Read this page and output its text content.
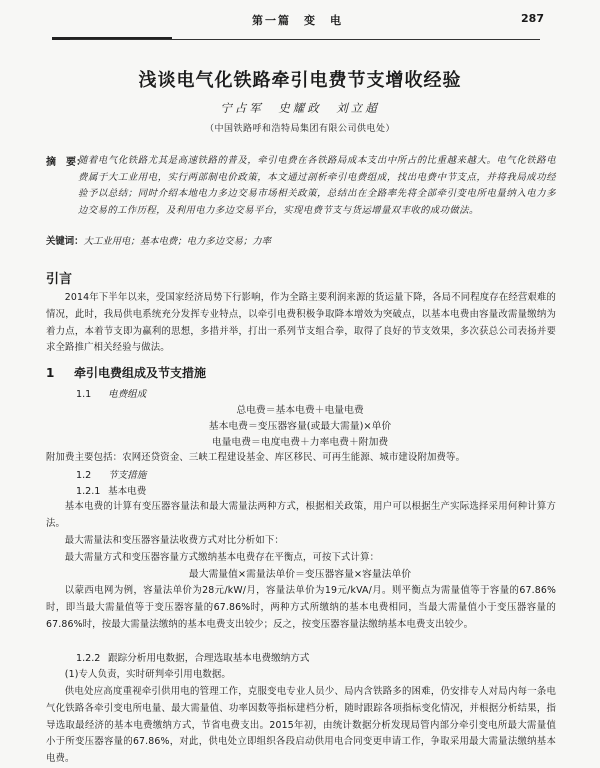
第一篇　变　电	287
浅谈电气化铁路牵引电费节支增收经验
宁占军　史耀政　刘立超
（中国铁路呼和浩特局集团有限公司供电处）
摘　要：
随着电气化铁路尤其是高速铁路的普及，牵引电费在各铁路局成本支出中所占的比重越来越大。电气化铁路电费属于大工业用电，实行两部制电价政策，本文通过剖析牵引电费组成，找出电费中节支点，并将我局成功经验予以总结；同时介绍本地电力多边交易市场相关政策，总结出在全路率先将全部牵引变电所电量纳入电力多边交易的工作历程，及利用电力多边交易平台，实现电费节支与货运增量双丰收的成功做法。
关键词：大工业用电；基本电费；电力多边交易；力率
引言
2014年下半年以来，受国家经济局势下行影响，作为全路主要利润来源的货运量下降，各局不同程度存在经营艰难的情况，此时，我局供电系统充分发挥专业特点，以牵引电费积极争取降本增效为突破点，以基本电费由容量改需量缴纳为着力点，本着节支即为赢利的思想，多措并举，打出一系列节支组合拳，取得了良好的节支效果，多次获总公司表扬并要求全路推广相关经验与做法。
1 牵引电费组成及节支措施
1.1 电费组成
总电费＝基本电费＋电量电费
基本电费＝变压器容量(或最大需量)×单价
电量电费＝电度电费＋力率电费＋附加费
附加费主要包括：农网还贷资金、三峡工程建设基金、库区移民、可再生能源、城市建设附加费等。
1.2 节支措施
1.2.1 基本电费
基本电费的计算有变压器容量法和最大需量法两种方式，根据相关政策，用户可以根据生产实际选择采用何种计算方法。
最大需量法和变压器容量法收费方式对比分析如下：
最大需量方式和变压器容量方式缴纳基本电费存在平衡点，可按下式计算：
最大需量值×需量法单价＝变压器容量×容量法单价
以蒙西电网为例，容量法单价为28元/kW/月，容量法单价为19元/kVA/月。则平衡点为需量值等于容量的67.86%时，即当最大需量值等于变压器容量的67.86%时，两种方式所缴纳的基本电费相同，当最大需量值小于变压器容量的67.86%时，按最大需量法缴纳的基本电费支出较少；反之，按变压器容量法缴纳基本电费支出较少。
1.2.2 跟踪分析用电数据，合理选取基本电费缴纳方式
(1)专人负责，实时研判牵引用电数据。
供电处应高度重视牵引供用电的管理工作，克服变电专业人员少、局内含铁路多的困难，仍安排专人对局内每一条电气化铁路各牵引变电所电量、最大需量值、功率因数等指标建档分析，随时跟踪各项指标变化情况，并根据分析结果，指导选取最经济的基本电费缴纳方式，节省电费支出。2015年初，由统计数据分析发现局管内部分牵引变电所最大需量值小于所变压器容量的67.86%，对此，供电处立即组织各段启动供用电合同变更申请工作，争取采用最大需量法缴纳基本电费。
